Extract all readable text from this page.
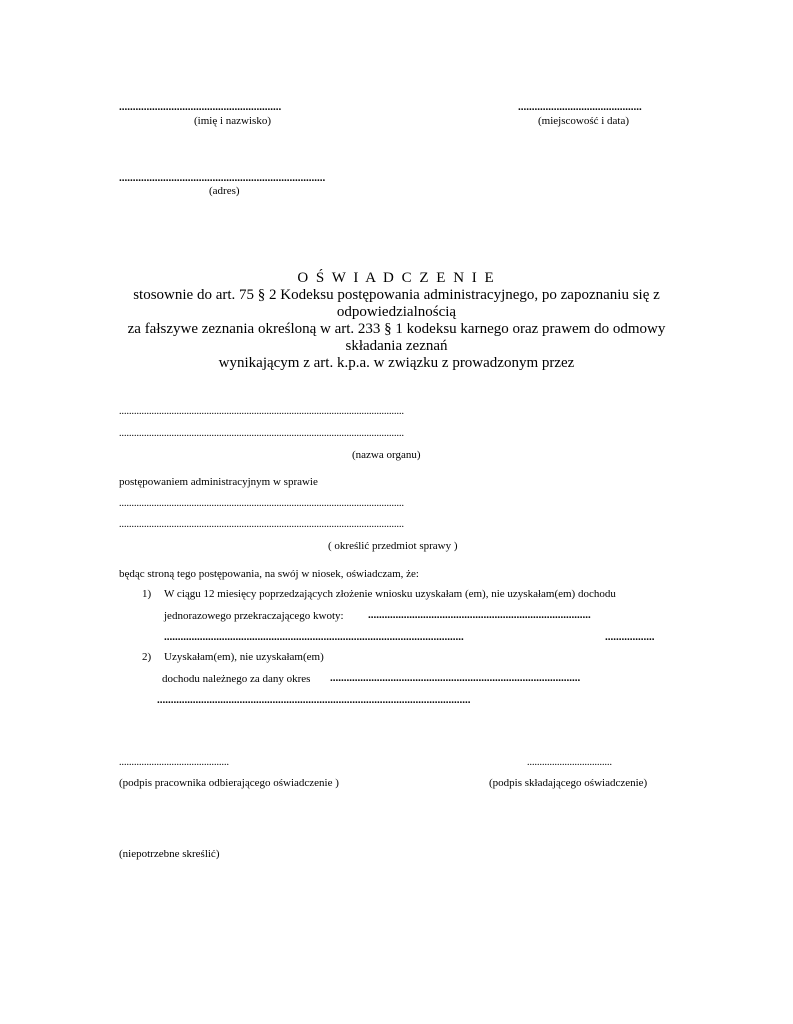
...........................................................
(imię i nazwisko)
.............................................
(miejscowość i data)
...........................................................................
(adres)
O Ś W I A D C Z E N I E
stosownie do art. 75 § 2 Kodeksu postępowania administracyjnego, po zapoznaniu się z
odpowiedzialnością
za fałszywe zeznania określoną w art. 233 § 1 kodeksu karnego oraz prawem do odmowy
składania zeznań
wynikającym z art. k.p.a. w związku z prowadzonym przez
..................................................................................................................
..................................................................................................................
(nazwa organu)
postępowaniem administracyjnym w sprawie
..................................................................................................................
..................................................................................................................
( określić przedmiot sprawy )
będąc stroną tego postępowania, na swój w niosek, oświadczam, że:
1) W ciągu 12 miesięcy poprzedzających złożenie wniosku uzyskałam (em), nie uzyskałam(em) dochodu
jednorazowego przekraczającego kwoty: .................................................................................
.............................................................................................................	..................
2) Uzyskałam(em), nie uzyskałam(em)
dochodu należnego za dany okres ...........................................................................................
..................................................................................................................
............................................
(podpis pracownika odbierającego oświadczenie )
..................................
(podpis składającego oświadczenie)
(niepotrzebne skreślić)
